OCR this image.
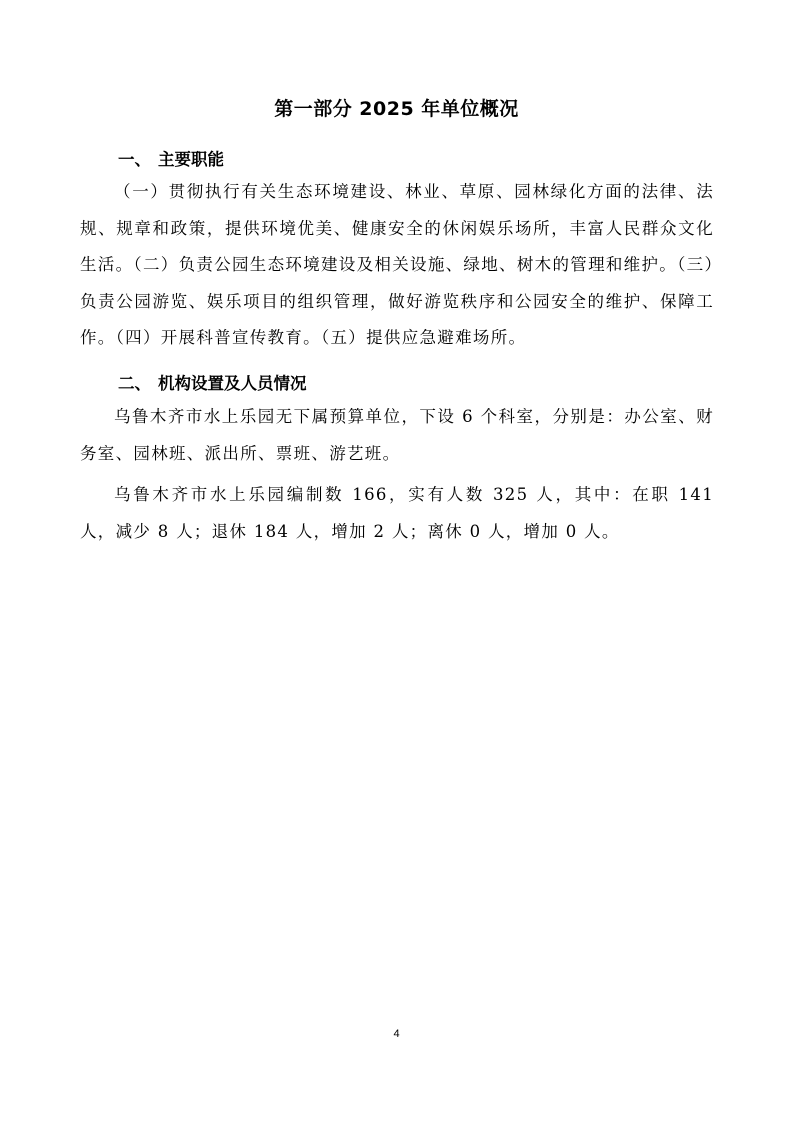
第一部分 2025 年单位概况
一、 主要职能
（一）贯彻执行有关生态环境建设、林业、草原、园林绿化方面的法律、法规、规章和政策，提供环境优美、健康安全的休闲娱乐场所，丰富人民群众文化生活。（二）负责公园生态环境建设及相关设施、绿地、树木的管理和维护。（三）负责公园游览、娱乐项目的组织管理，做好游览秩序和公园安全的维护、保障工作。（四）开展科普宣传教育。（五）提供应急避难场所。
二、 机构设置及人员情况
乌鲁木齐市水上乐园无下属预算单位，下设 6 个科室，分别是：办公室、财务室、园林班、派出所、票班、游艺班。
乌鲁木齐市水上乐园编制数 166，实有人数 325 人，其中：在职 141 人，减少 8 人；退休 184 人，增加 2 人；离休 0 人，增加 0 人。
4
